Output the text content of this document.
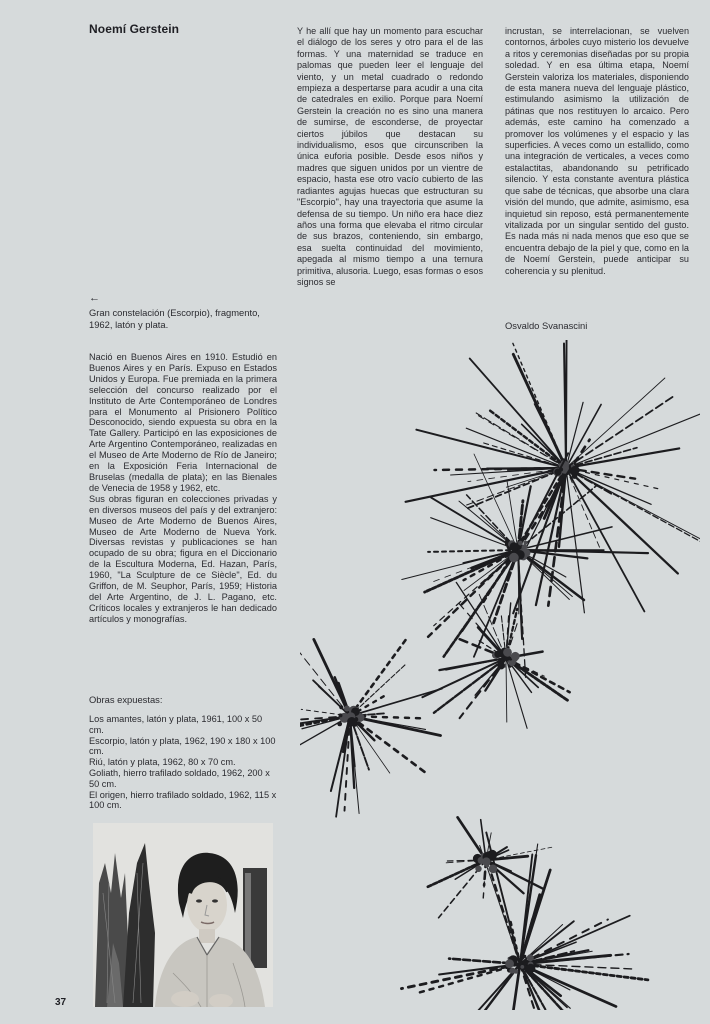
Noemí Gerstein	Y he allí que hay un momento para escuchar el diálogo de los seres y otro para el de las formas. Y una maternidad se traduce en palomas que pueden leer el lenguaje del viento, y un metal cuadrado o redondo empieza a despertarse para acudir a una cita de catedrales en exilio. Porque para Noemí Gerstein la creación no es sino una manera de sumirse, de esconderse, de proyectar ciertos júbilos que destacan su individualismo, esos que circunscriben la única euforia posible. Desde esos niños y madres que siguen unidos por un vientre de espacio, hasta ese otro vacío cubierto de las radiantes agujas huecas que estructuran su "Escorpio", hay una trayectoria que asume la defensa de su tiempo. Un niño era hace diez años una forma que elevaba el ritmo circular de sus brazos, conteniendo, sin embargo, esa suelta continuidad del movimiento, apegada al mismo tiempo a una ternura primitiva, alusoria. Luego, esas formas o esos signos se

incrustan, se interrelacionan, se vuelven contornos, árboles cuyo misterio los devuelve a ritos y ceremonias diseñadas por su propia soledad. Y en esa última etapa, Noemí Gerstein valoriza los materiales, disponiendo de esta manera nueva del lenguaje plástico, estimulando asimismo la utilización de pátinas que nos restituyen lo arcaico. Pero además, este camino ha comenzado a promover los volúmenes y el espacio y las superficies. A veces como un estallido, como una integración de verticales, a veces como estalactitas, abandonando su petrificado silencio. Y esta constante aventura plástica que sabe de técnicas, que absorbe una clara visión del mundo, que admite, asimismo, esa inquietud sin reposo, está permanentemente vitalizada por un singular sentido del gusto. Es nada más ni nada menos que eso que se encuentra debajo de la piel y que, como en la de Noemí Gerstein, puede anticipar su coherencia y su plenitud.

Osvaldo Svanascini
←
Gran constelación (Escorpio), fragmento, 1962, latón y plata.

Nació en Buenos Aires en 1910. Estudió en Buenos Aires y en París. Expuso en Estados Unidos y Europa. Fue premiada en la primera selección del concurso realizado por el Instituto de Arte Contemporáneo de Londres para el Monumento al Prisionero Político Desconocido, siendo expuesta su obra en la Tate Gallery. Participó en las exposiciones de Arte Argentino Contemporáneo, realizadas en el Museo de Arte Moderno de Río de Janeiro; en la Exposición Feria Internacional de Bruselas (medalla de plata); en las Bienales de Venecia de 1958 y 1962, etc.

Sus obras figuran en colecciones privadas y en diversos museos del país y del extranjero: Museo de Arte Moderno de Buenos Aires, Museo de Arte Moderno de Nueva York. Diversas revistas y publicaciones se han ocupado de su obra; figura en el Diccionario de la Escultura Moderna, Ed. Hazan, París, 1960, "La Sculpture de ce Siècle", Ed. du Griffon, de M. Seuphor, París, 1959; Historia del Arte Argentino, de J. L. Pagano, etc. Críticos locales y extranjeros le han dedicado artículos y monografías.

Obras expuestas:
Los amantes, latón y plata, 1961, 100 x 50 cm.
Escorpio, latón y plata, 1962, 190 x 180 x 100 cm.
Riú, latón y plata, 1962, 80 x 70 cm.
Goliath, hierro trafilado soldado, 1962, 200 x 50 cm.
El origen, hierro trafilado soldado, 1962, 115 x 100 cm.
37
